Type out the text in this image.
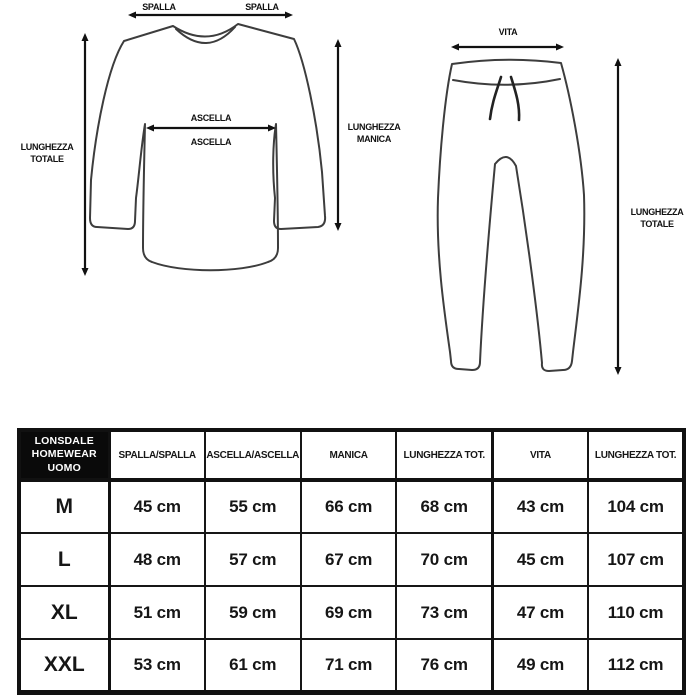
SPALLA	SPALLA
ASCELLA
ASCELLA
LUNGHEZZA
TOTALE
LUNGHEZZA
MANICA
VITA
LUNGHEZZA
TOTALE
LONSDALE
HOMEWEAR
UOMO	SPALLA/SPALLA	ASCELLA/ASCELLA	MANICA	LUNGHEZZA TOT.	VITA	LUNGHEZZA TOT.
M	45 cm	55 cm	66 cm	68 cm	43 cm	104 cm
L	48 cm	57 cm	67 cm	70 cm	45 cm	107 cm
XL	51 cm	59 cm	69 cm	73 cm	47 cm	110 cm
XXL	53 cm	61 cm	71 cm	76 cm	49 cm	112 cm
